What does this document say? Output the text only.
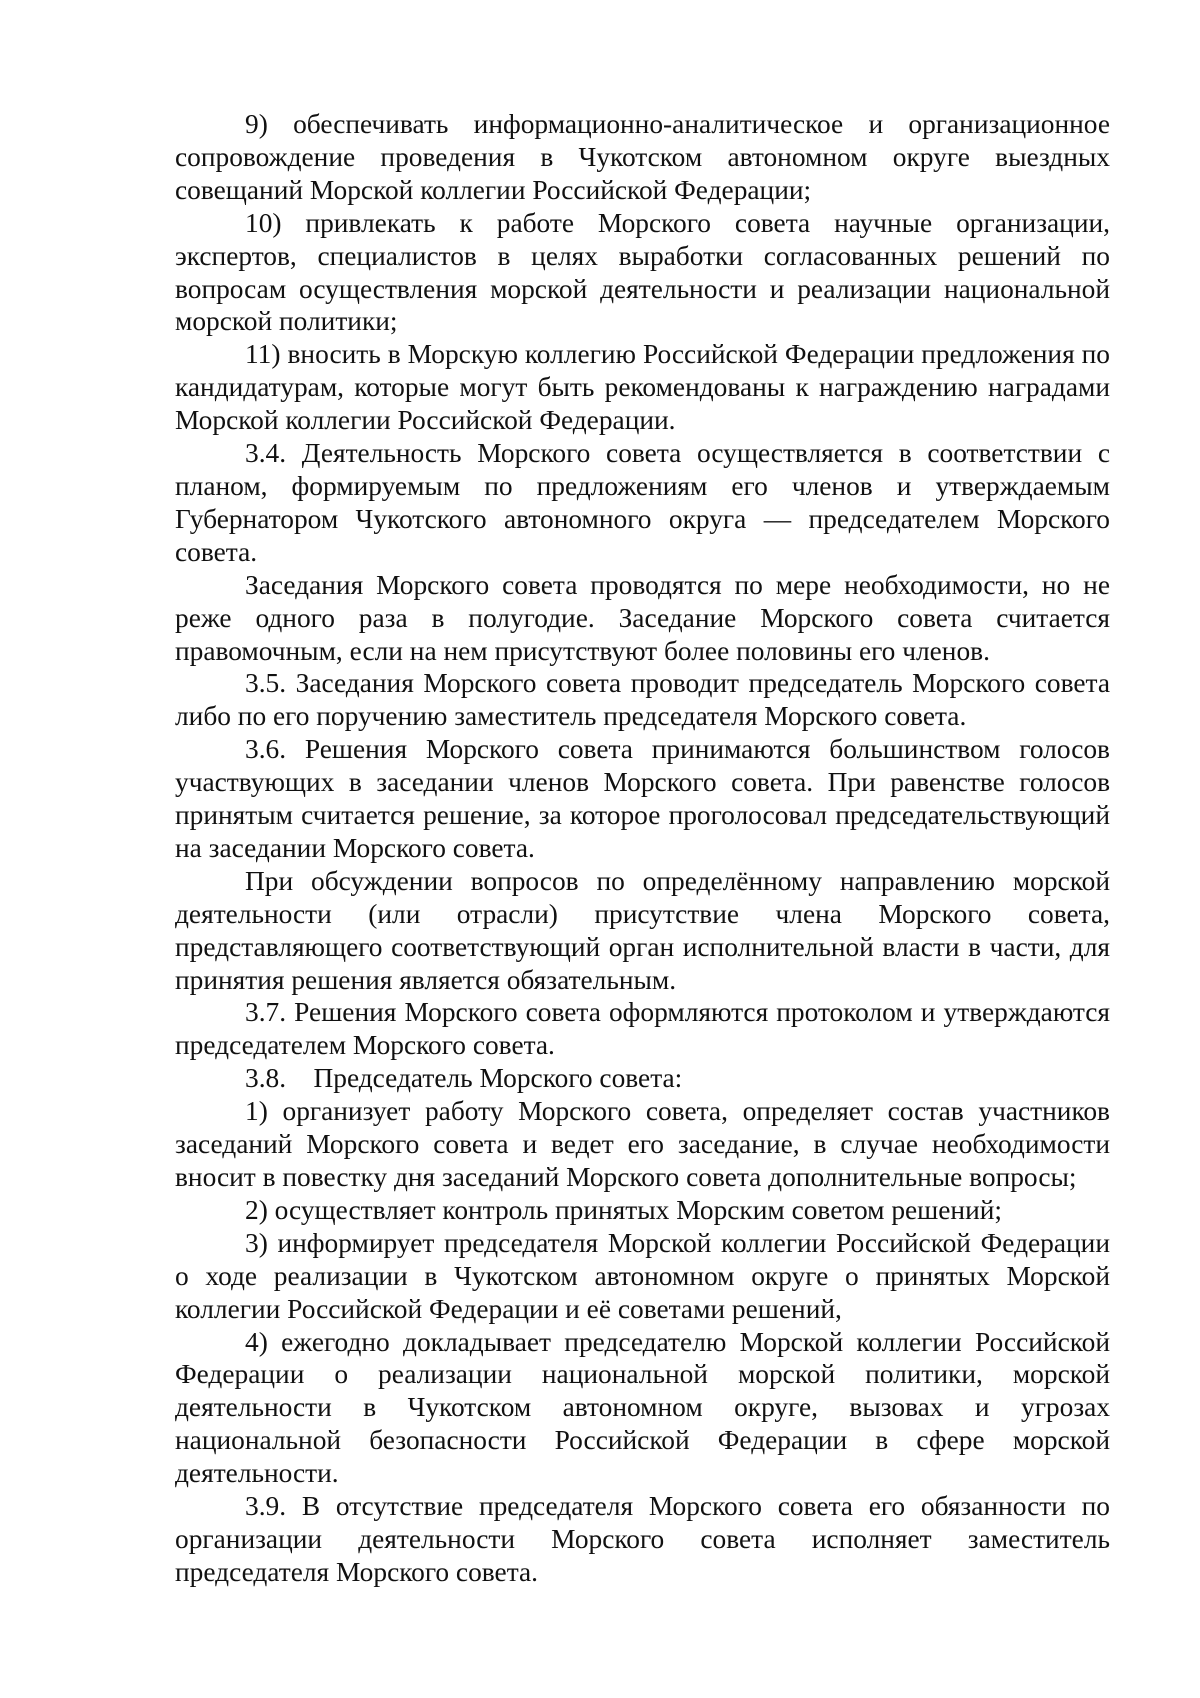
9) обеспечивать информационно-аналитическое и организационное сопровождение проведения в Чукотском автономном округе выездных совещаний Морской коллегии Российской Федерации;

10) привлекать к работе Морского совета научные организации, экспертов, специалистов в целях выработки согласованных решений по вопросам осуществления морской деятельности и реализации национальной морской политики;

11) вносить в Морскую коллегию Российской Федерации предложения по кандидатурам, которые могут быть рекомендованы к награждению наградами Морской коллегии Российской Федерации.

3.4. Деятельность Морского совета осуществляется в соответствии с планом, формируемым по предложениям его членов и утверждаемым Губернатором Чукотского автономного округа — председателем Морского совета.

Заседания Морского совета проводятся по мере необходимости, но не реже одного раза в полугодие. Заседание Морского совета считается правомочным, если на нем присутствуют более половины его членов.

3.5. Заседания Морского совета проводит председатель Морского совета либо по его поручению заместитель председателя Морского совета.

3.6. Решения Морского совета принимаются большинством голосов участвующих в заседании членов Морского совета. При равенстве голосов принятым считается решение, за которое проголосовал председательствующий на заседании Морского совета.

При обсуждении вопросов по определённому направлению морской деятельности (или отрасли) присутствие члена Морского совета, представляющего соответствующий орган исполнительной власти в части, для принятия решения является обязательным.

3.7. Решения Морского совета оформляются протоколом и утверждаются председателем Морского совета.

3.8.    Председатель Морского совета:

1) организует работу Морского совета, определяет состав участников заседаний Морского совета и ведет его заседание, в случае необходимости вносит в повестку дня заседаний Морского совета дополнительные вопросы;

2) осуществляет контроль принятых Морским советом решений;

3) информирует председателя Морской коллегии Российской Федерации о ходе реализации в Чукотском автономном округе о принятых Морской коллегии Российской Федерации и её советами решений,

4) ежегодно докладывает председателю Морской коллегии Российской Федерации о реализации национальной морской политики, морской деятельности в Чукотском автономном округе, вызовах и угрозах национальной безопасности Российской Федерации в сфере морской деятельности.

3.9. В отсутствие председателя Морского совета его обязанности по организации деятельности Морского совета исполняет заместитель председателя Морского совета.
